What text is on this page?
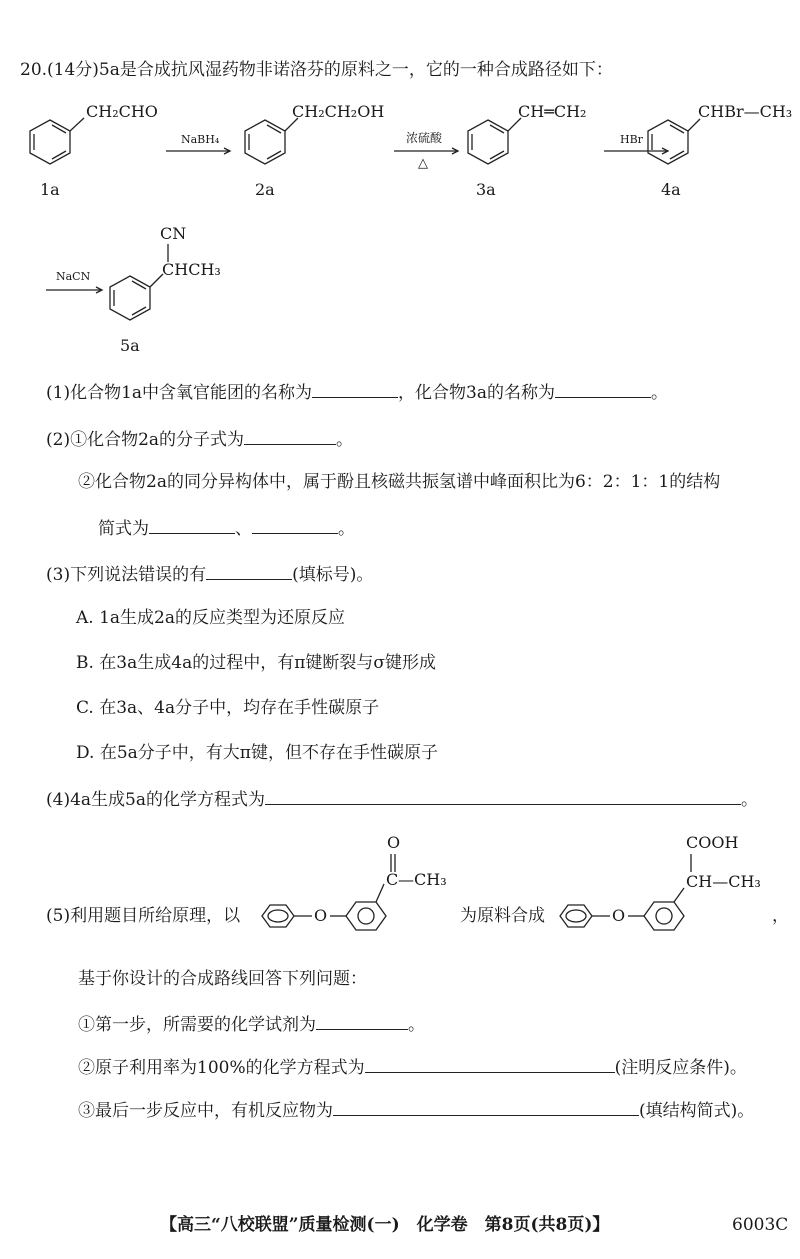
20.(14分)5a是合成抗风湿药物非诺洛芬的原料之一，它的一种合成路径如下：
CH₂CHO
1a
NaBH₄
CH₂CH₂OH
2a
浓硫酸
△
CH═CH₂
3a
HBr
CHBr—CH₃
4a
NaCN
CN
CHCH₃
5a
(1)化合物1a中含氧官能团的名称为	，化合物3a的名称为	。
(2)①化合物2a的分子式为	。
②化合物2a的同分异构体中，属于酚且核磁共振氢谱中峰面积比为6：2：1：1的结构
简式为	、	。
(3)下列说法错误的有	(填标号)。
A. 1a生成2a的反应类型为还原反应
B. 在3a生成4a的过程中，有π键断裂与σ键形成
C. 在3a、4a分子中，均存在手性碳原子
D. 在5a分子中，有大π键，但不存在手性碳原子
(4)4a生成5a的化学方程式为	。
(5)利用题目所给原理，以	为原料合成	，
O
C —CH₃
O
COOH
CH—CH₃
O
基于你设计的合成路线回答下列问题：
①第一步，所需要的化学试剂为	。
②原子利用率为100%的化学方程式为	(注明反应条件)。
③最后一步反应中，有机反应物为	(填结构简式)。
【高三“八校联盟”质量检测(一)　化学卷　第8页(共8页)】	6003C
